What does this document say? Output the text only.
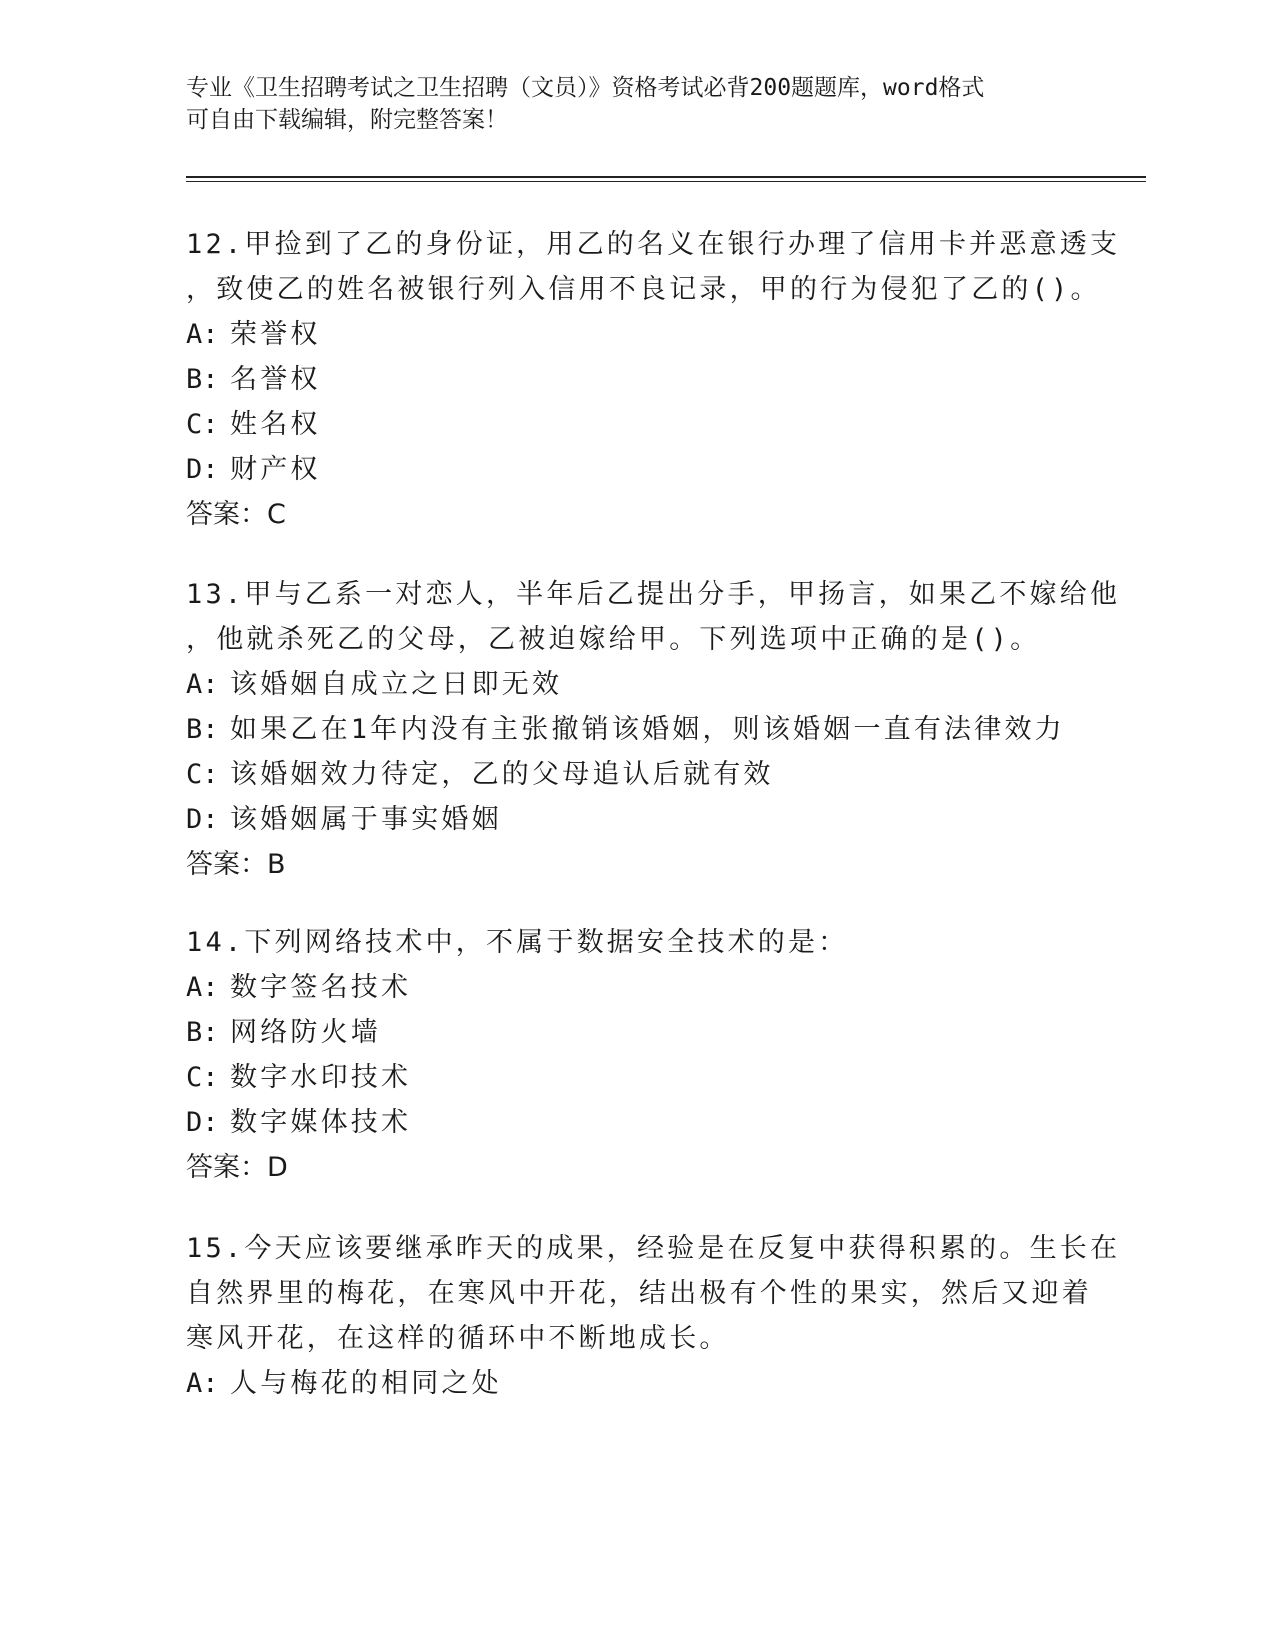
专业《卫生招聘考试之卫生招聘（文员）》资格考试必背200题题库，word格式
可自由下载编辑，附完整答案！
12.甲捡到了乙的身份证，用乙的名义在银行办理了信用卡并恶意透支
，致使乙的姓名被银行列入信用不良记录，甲的行为侵犯了乙的()。
A: 荣誉权
B: 名誉权
C: 姓名权
D: 财产权
答案：C
13.甲与乙系一对恋人，半年后乙提出分手，甲扬言，如果乙不嫁给他
，他就杀死乙的父母，乙被迫嫁给甲。下列选项中正确的是()。
A: 该婚姻自成立之日即无效
B: 如果乙在1年内没有主张撤销该婚姻，则该婚姻一直有法律效力
C: 该婚姻效力待定，乙的父母追认后就有效
D: 该婚姻属于事实婚姻
答案：B
14.下列网络技术中，不属于数据安全技术的是：
A: 数字签名技术
B: 网络防火墙
C: 数字水印技术
D: 数字媒体技术
答案：D
15.今天应该要继承昨天的成果，经验是在反复中获得积累的。生长在
自然界里的梅花，在寒风中开花，结出极有个性的果实，然后又迎着
寒风开花，在这样的循环中不断地成长。
A: 人与梅花的相同之处
